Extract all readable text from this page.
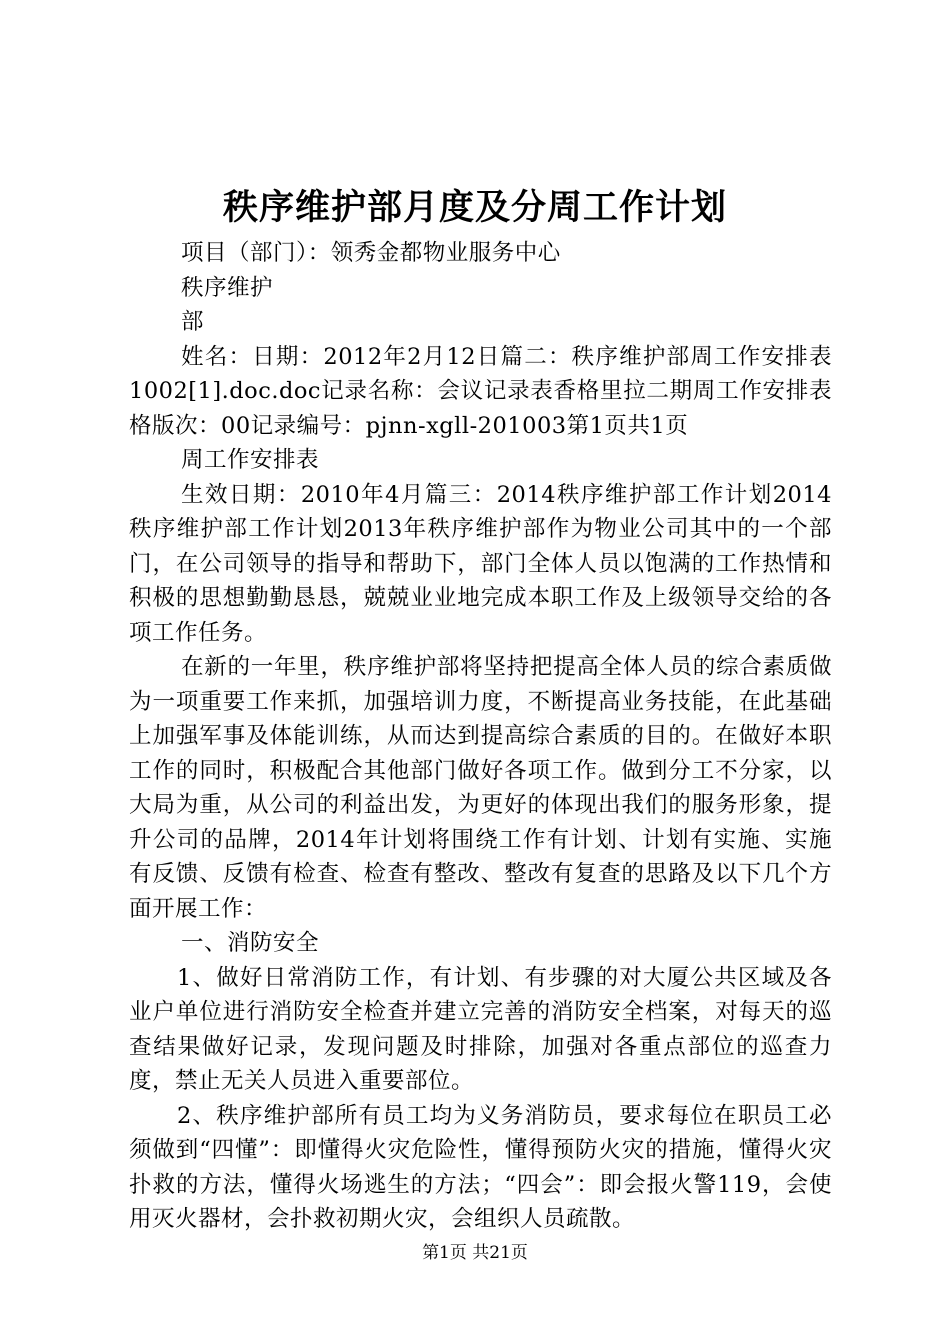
秩序维护部月度及分周工作计划

项目（部门）：领秀金都物业服务中心

秩序维护

部

姓名：日期：2012年2月12日篇二：秩序维护部周工作安排表1002[1].doc.doc记录名称：会议记录表香格里拉二期周工作安排表格版次：00记录编号：pjnn-xgll-201003第1页共1页

周工作安排表

生效日期：2010年4月篇三：2014秩序维护部工作计划2014秩序维护部工作计划2013年秩序维护部作为物业公司其中的一个部门，在公司领导的指导和帮助下，部门全体人员以饱满的工作热情和积极的思想勤勤恳恳，兢兢业业地完成本职工作及上级领导交给的各项工作任务。

在新的一年里，秩序维护部将坚持把提高全体人员的综合素质做为一项重要工作来抓，加强培训力度，不断提高业务技能，在此基础上加强军事及体能训练，从而达到提高综合素质的目的。在做好本职工作的同时，积极配合其他部门做好各项工作。做到分工不分家，以大局为重，从公司的利益出发，为更好的体现出我们的服务形象，提升公司的品牌，2014年计划将围绕工作有计划、计划有实施、实施有反馈、反馈有检查、检查有整改、整改有复查的思路及以下几个方面开展工作：

一、消防安全

1、做好日常消防工作，有计划、有步骤的对大厦公共区域及各业户单位进行消防安全检查并建立完善的消防安全档案，对每天的巡查结果做好记录，发现问题及时排除，加强对各重点部位的巡查力度，禁止无关人员进入重要部位。

2、秩序维护部所有员工均为义务消防员，要求每位在职员工必须做到“四懂”：即懂得火灾危险性，懂得预防火灾的措施，懂得火灾扑救的方法，懂得火场逃生的方法；“四会”：即会报火警119，会使用灭火器材，会扑救初期火灾，会组织人员疏散。

第1页 共21页
